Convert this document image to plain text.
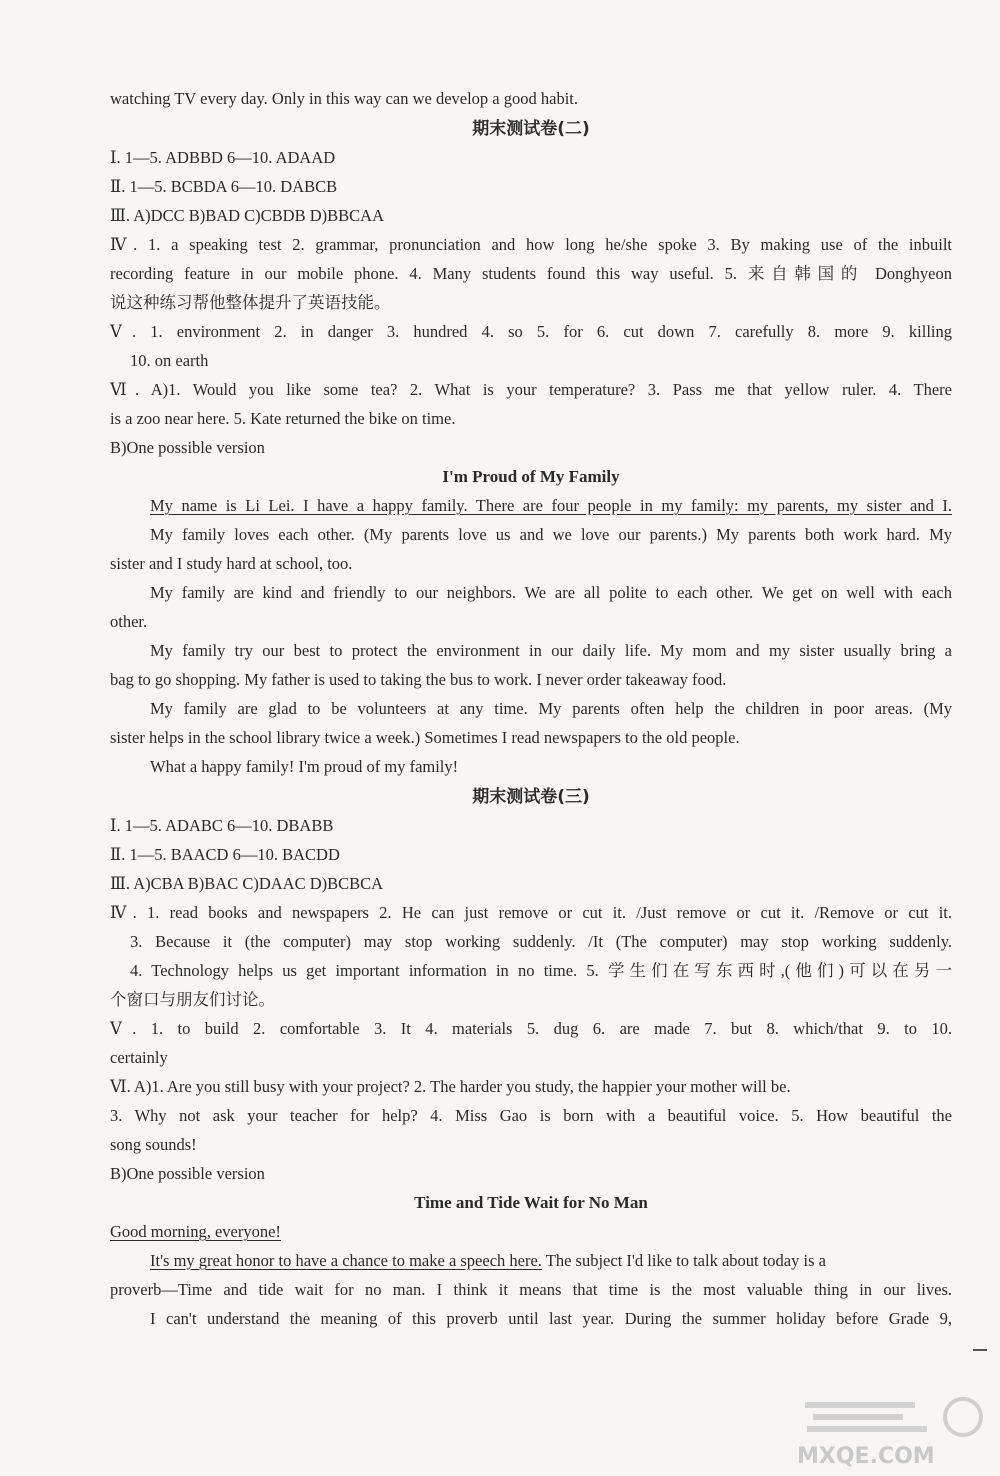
watching TV every day. Only in this way can we develop a good habit.
期末测试卷(二)
Ⅰ. 1—5. ADBBD 6—10. ADAAD
Ⅱ. 1—5. BCBDA 6—10. DABCB
Ⅲ. A)DCC B)BAD C)CBDB D)BBCAA
Ⅳ. 1. a speaking test 2. grammar, pronunciation and how long he/she spoke 3. By making use of the inbuilt
recording feature in our mobile phone. 4. Many students found this way useful. 5. 来自韩国的 Donghyeon
说这种练习帮他整体提升了英语技能。
Ⅴ. 1. environment 2. in danger 3. hundred 4. so 5. for 6. cut down 7. carefully 8. more 9. killing
10. on earth
Ⅵ. A)1. Would you like some tea? 2. What is your temperature? 3. Pass me that yellow ruler. 4. There
is a zoo near here. 5. Kate returned the bike on time.
B)One possible version
I'm Proud of My Family
My name is Li Lei. I have a happy family. There are four people in my family: my parents, my sister and I.
My family loves each other. (My parents love us and we love our parents.) My parents both work hard. My
sister and I study hard at school, too.
My family are kind and friendly to our neighbors. We are all polite to each other. We get on well with each
other.
My family try our best to protect the environment in our daily life. My mom and my sister usually bring a
bag to go shopping. My father is used to taking the bus to work. I never order takeaway food.
My family are glad to be volunteers at any time. My parents often help the children in poor areas. (My
sister helps in the school library twice a week.) Sometimes I read newspapers to the old people.
What a happy family! I'm proud of my family!
期末测试卷(三)
Ⅰ. 1—5. ADABC 6—10. DBABB
Ⅱ. 1—5. BAACD 6—10. BACDD
Ⅲ. A)CBA B)BAC C)DAAC D)BCBCA
Ⅳ. 1. read books and newspapers 2. He can just remove or cut it. /Just remove or cut it. /Remove or cut it.
3. Because it (the computer) may stop working suddenly. /It (The computer) may stop working suddenly.
4. Technology helps us get important information in no time. 5. 学生们在写东西时,(他们)可以在另一
个窗口与朋友们讨论。
Ⅴ. 1. to build 2. comfortable 3. It 4. materials 5. dug 6. are made 7. but 8. which/that 9. to 10.
certainly
Ⅵ. A)1. Are you still busy with your project? 2. The harder you study, the happier your mother will be.
3. Why not ask your teacher for help? 4. Miss Gao is born with a beautiful voice. 5. How beautiful the
song sounds!
B)One possible version
Time and Tide Wait for No Man
Good morning, everyone!
It's my great honor to have a chance to make a speech here. The subject I'd like to talk about today is a
proverb—Time and tide wait for no man. I think it means that time is the most valuable thing in our lives.
I can't understand the meaning of this proverb until last year. During the summer holiday before Grade 9,
MXQE.COM
